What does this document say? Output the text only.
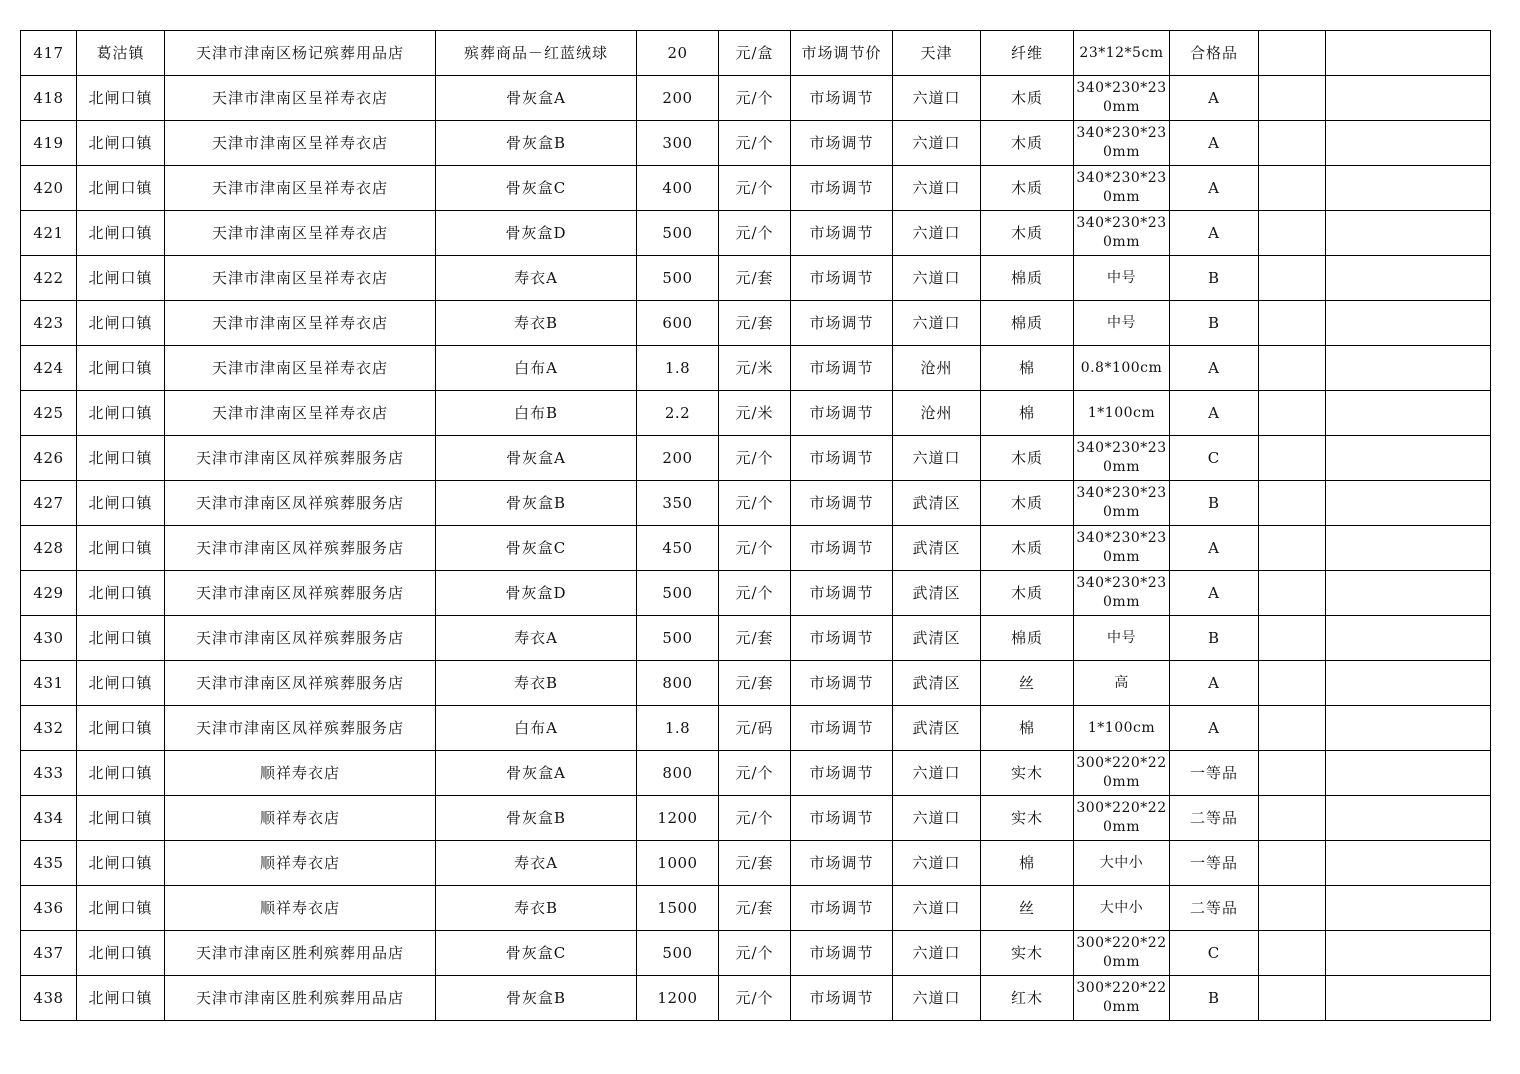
417	葛沽镇	天津市津南区杨记殡葬用品店	殡葬商品－红蓝绒球	20	元/盒	市场调节价	天津	纤维	23*12*5cm	合格品		
418	北闸口镇	天津市津南区呈祥寿衣店	骨灰盒A	200	元/个	市场调节	六道口	木质	340*230*230mm	A		
419	北闸口镇	天津市津南区呈祥寿衣店	骨灰盒B	300	元/个	市场调节	六道口	木质	340*230*230mm	A		
420	北闸口镇	天津市津南区呈祥寿衣店	骨灰盒C	400	元/个	市场调节	六道口	木质	340*230*230mm	A		
421	北闸口镇	天津市津南区呈祥寿衣店	骨灰盒D	500	元/个	市场调节	六道口	木质	340*230*230mm	A		
422	北闸口镇	天津市津南区呈祥寿衣店	寿衣A	500	元/套	市场调节	六道口	棉质	中号	B		
423	北闸口镇	天津市津南区呈祥寿衣店	寿衣B	600	元/套	市场调节	六道口	棉质	中号	B		
424	北闸口镇	天津市津南区呈祥寿衣店	白布A	1.8	元/米	市场调节	沧州	棉	0.8*100cm	A		
425	北闸口镇	天津市津南区呈祥寿衣店	白布B	2.2	元/米	市场调节	沧州	棉	1*100cm	A		
426	北闸口镇	天津市津南区凤祥殡葬服务店	骨灰盒A	200	元/个	市场调节	六道口	木质	340*230*230mm	C		
427	北闸口镇	天津市津南区凤祥殡葬服务店	骨灰盒B	350	元/个	市场调节	武清区	木质	340*230*230mm	B		
428	北闸口镇	天津市津南区凤祥殡葬服务店	骨灰盒C	450	元/个	市场调节	武清区	木质	340*230*230mm	A		
429	北闸口镇	天津市津南区凤祥殡葬服务店	骨灰盒D	500	元/个	市场调节	武清区	木质	340*230*230mm	A		
430	北闸口镇	天津市津南区凤祥殡葬服务店	寿衣A	500	元/套	市场调节	武清区	棉质	中号	B		
431	北闸口镇	天津市津南区凤祥殡葬服务店	寿衣B	800	元/套	市场调节	武清区	丝	高	A		
432	北闸口镇	天津市津南区凤祥殡葬服务店	白布A	1.8	元/码	市场调节	武清区	棉	1*100cm	A		
433	北闸口镇	顺祥寿衣店	骨灰盒A	800	元/个	市场调节	六道口	实木	300*220*220mm	一等品		
434	北闸口镇	顺祥寿衣店	骨灰盒B	1200	元/个	市场调节	六道口	实木	300*220*220mm	二等品		
435	北闸口镇	顺祥寿衣店	寿衣A	1000	元/套	市场调节	六道口	棉	大中小	一等品		
436	北闸口镇	顺祥寿衣店	寿衣B	1500	元/套	市场调节	六道口	丝	大中小	二等品		
437	北闸口镇	天津市津南区胜利殡葬用品店	骨灰盒C	500	元/个	市场调节	六道口	实木	300*220*220mm	C		
438	北闸口镇	天津市津南区胜利殡葬用品店	骨灰盒B	1200	元/个	市场调节	六道口	红木	300*220*220mm	B		
